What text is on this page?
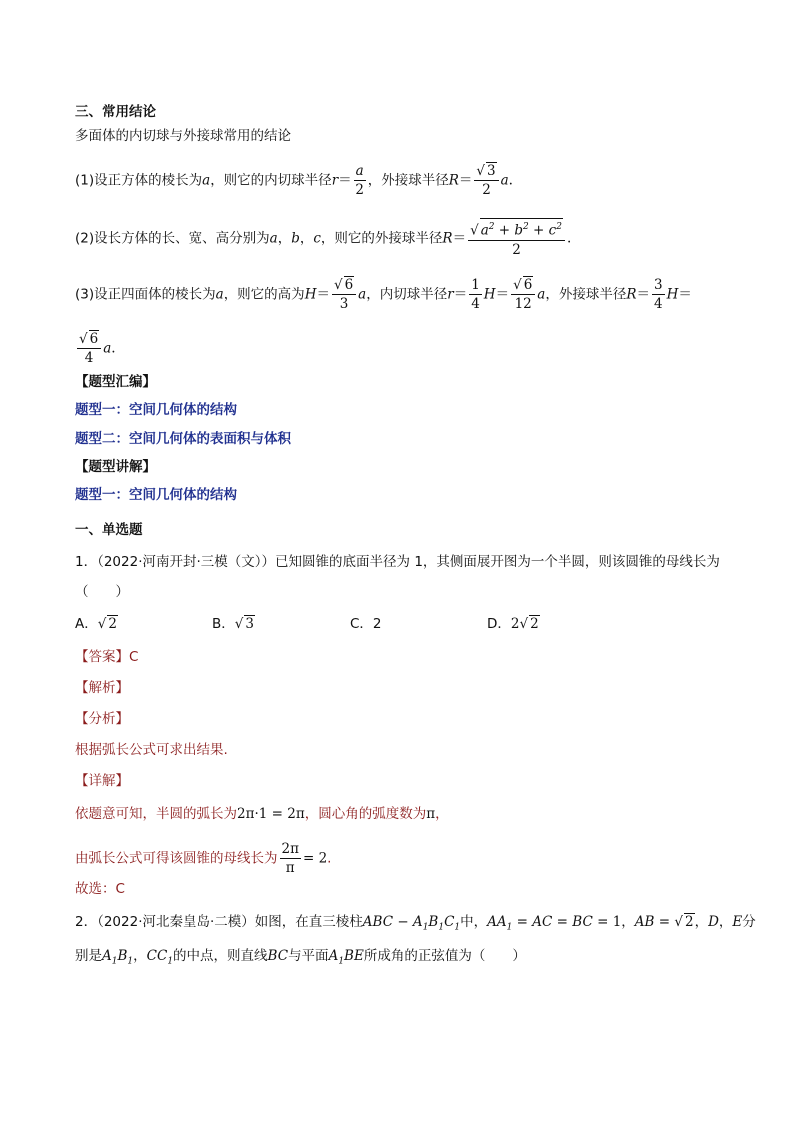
三、常用结论
多面体的内切球与外接球常用的结论
(1)设正方体的棱长为a，则它的内切球半径$r= \frac{a}{2}$ ，外接球半径$R= \frac{√ 3}{2} a$.
(2)设长方体的长、宽、高分别为a，b，c，则它的外接球半径$R= \frac{√ a^2 + b^2 + c^2}{2}$ .
(3)设正四面体的棱长为a，则它的高为$H= \frac{√ 6}{3}$ a，内切球半径$r= \frac{1}{4} H= \frac{√ 6}{12}$ a，外接球半径$R= \frac{3}{4} H=$
$\frac{√ 6}{4} a$.
【题型汇编】
题型一：空间几何体的结构
题型二：空间几何体的表面积与体积
【题型讲解】
题型一：空间几何体的结构
一、单选题
1．（2022·河南开封·三模（文））已知圆锥的底面半径为 1，其侧面展开图为一个半圆，则该圆锥的母线长为
（　　）
A．√ 2	B．√ 3	C．2	D．2√ 2
【答案】C
【解析】
【分析】
根据弧长公式可求出结果.
【详解】
依题意可知，半圆的弧长为2π·1 = 2π，圆心角的弧度数为π，
由弧长公式可得该圆锥的母线长为 $\frac{2\pi}{\pi} = 2$.
故选：C
2．（2022·河北秦皇岛·二模）如图，在直三棱柱ABC − $A_1B_1C_1$中，$AA_1$ = AC = BC = 1，AB = √ 2，D，E分
别是$A_1B_1$，$CC_1$的中点，则直线BC与平面$A_1BE$所成角的正弦值为（　　）
